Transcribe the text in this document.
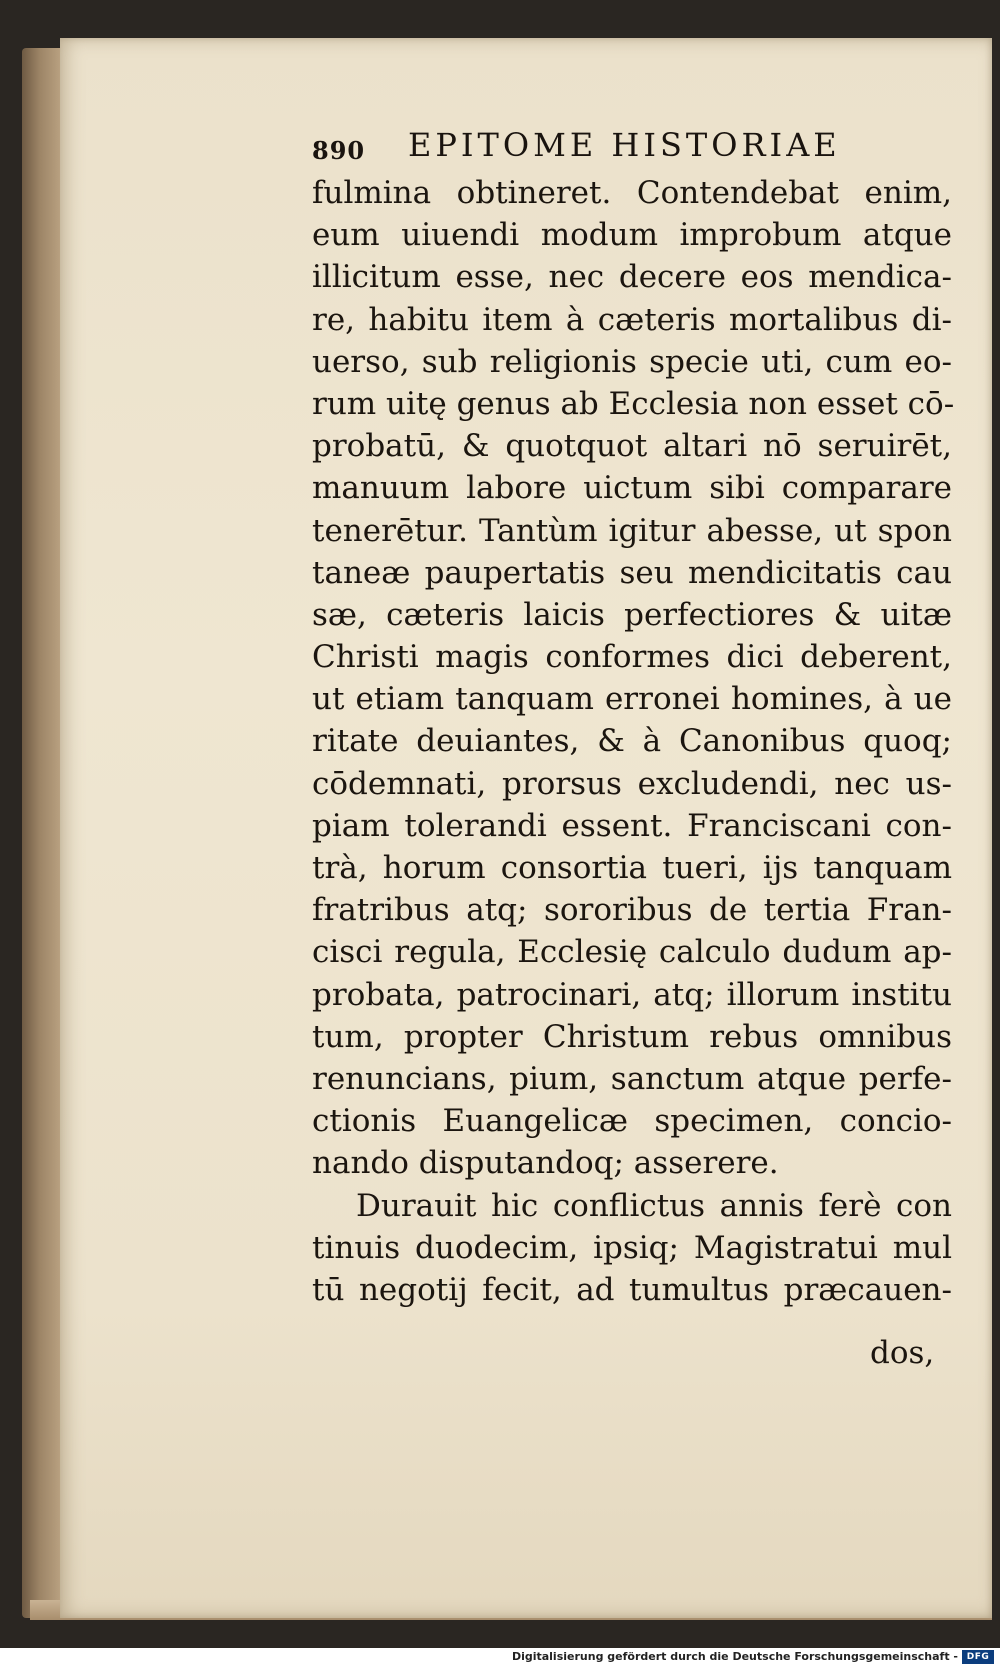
890 EPITOME HISTORIAE
fulmina obtineret. Contendebat enim,
eum uiuendi modum improbum atque
illicitum esse, nec decere eos mendica-
re, habitu item à cæteris mortalibus di-
uerso, sub religionis specie uti, cum eo-
rum uitę genus ab Ecclesia non esset cō-
probatū, & quotquot altari nō seruirēt,
manuum labore uictum sibi comparare
tenerētur. Tantùm igitur abesse, ut spon
taneæ paupertatis seu mendicitatis cau
sæ, cæteris laicis perfectiores & uitæ
Christi magis conformes dici deberent,
ut etiam tanquam erronei homines, à ue
ritate deuiantes, & à Canonibus quoq;
cōdemnati, prorsus excludendi, nec us-
piam tolerandi essent. Franciscani con-
trà, horum consortia tueri, ijs tanquam
fratribus atq; sororibus de tertia Fran-
cisci regula, Ecclesię calculo dudum ap-
probata, patrocinari, atq; illorum institu
tum, propter Christum rebus omnibus
renuncians, pium, sanctum atque perfe-
ctionis Euangelicæ specimen, concio-
nando disputandoq; asserere.
Durauit hic conflictus annis ferè con
tinuis duodecim, ipsiq; Magistratui mul
tū negotij fecit, ad tumultus præcauen-
dos,
Digitalisierung gefördert durch die Deutsche Forschungsgemeinschaft - DFG
